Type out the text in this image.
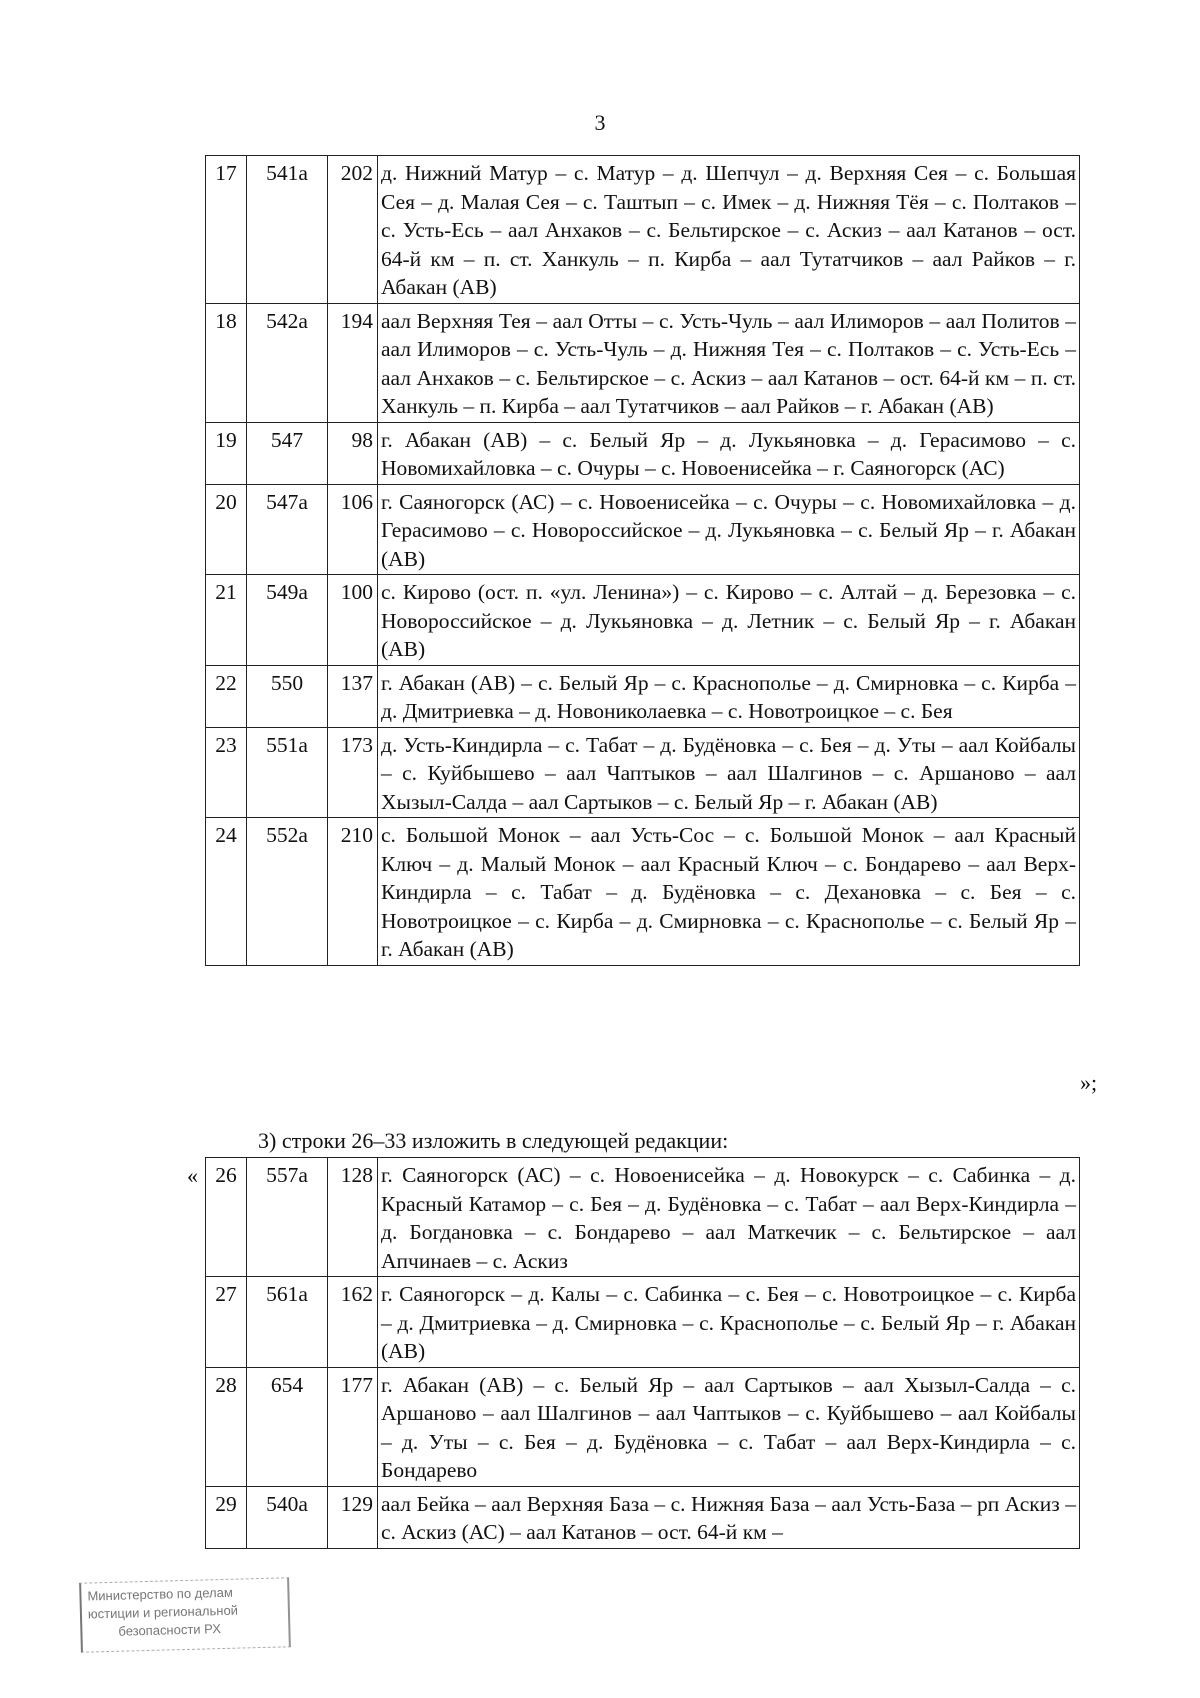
3
17	541а	202	д. Нижний Матур – с. Матур – д. Шепчул – д. Верхняя Сея – с. Большая Сея – д. Малая Сея – с. Таштып – с. Имек – д. Нижняя Тёя – с. Полтаков – с. Усть-Есь – аал Анхаков – с. Бельтирское – с. Аскиз – аал Катанов – ост. 64-й км – п. ст. Ханкуль – п. Кирба – аал Тутатчиков – аал Райков – г. Абакан (АВ)
18	542а	194	аал Верхняя Тея – аал Отты – с. Усть-Чуль – аал Илиморов – аал Политов – аал Илиморов – с. Усть-Чуль – д. Нижняя Тея – с. Полтаков – с. Усть-Есь – аал Анхаков – с. Бельтирское – с. Аскиз – аал Катанов – ост. 64-й км – п. ст. Ханкуль – п. Кирба – аал Тутатчиков – аал Райков – г. Абакан (АВ)
19	547	98	г. Абакан (АВ) – с. Белый Яр – д. Лукьяновка – д. Герасимово – с. Новомихайловка – с. Очуры – с. Новоенисейка – г. Саяногорск (АС)
20	547а	106	г. Саяногорск (АС) – с. Новоенисейка – с. Очуры – с. Новомихайловка – д. Герасимово – с. Новороссийское – д. Лукьяновка – с. Белый Яр – г. Абакан (АВ)
21	549а	100	с. Кирово (ост. п. «ул. Ленина») – с. Кирово – с. Алтай – д. Березовка – с. Новороссийское – д. Лукьяновка – д. Летник – с. Белый Яр – г. Абакан (АВ)
22	550	137	г. Абакан (АВ) – с. Белый Яр – с. Краснополье – д. Смирновка – с. Кирба – д. Дмитриевка – д. Новониколаевка – с. Новотроицкое – с. Бея
23	551а	173	д. Усть-Киндирла – с. Табат – д. Будёновка – с. Бея – д. Уты – аал Койбалы – с. Куйбышево – аал Чаптыков – аал Шалгинов – с. Аршаново – аал Хызыл-Салда – аал Сартыков – с. Белый Яр – г. Абакан (АВ)
24	552а	210	с. Большой Монок – аал Усть-Сос – с. Большой Монок – аал Красный Ключ – д. Малый Монок – аал Красный Ключ – с. Бондарево – аал Верх-Киндирла – с. Табат – д. Будёновка – с. Дехановка – с. Бея – с. Новотроицкое – с. Кирба – д. Смирновка – с. Краснополье – с. Белый Яр – г. Абакан (АВ)
»;
3) строки 26–33 изложить в следующей редакции:
« 26	557а	128	г. Саяногорск (АС) – с. Новоенисейка – д. Новокурск – с. Сабинка – д. Красный Катамор – с. Бея – д. Будёновка – с. Табат – аал Верх-Киндирла – д. Богдановка – с. Бондарево – аал Маткечик – с. Бельтирское – аал Апчинаев – с. Аскиз
27	561а	162	г. Саяногорск – д. Калы – с. Сабинка – с. Бея – с. Новотроицкое – с. Кирба – д. Дмитриевка – д. Смирновка – с. Краснополье – с. Белый Яр – г. Абакан (АВ)
28	654	177	г. Абакан (АВ) – с. Белый Яр – аал Сартыков – аал Хызыл-Салда – с. Аршаново – аал Шалгинов – аал Чаптыков – с. Куйбышево – аал Койбалы – д. Уты – с. Бея – д. Будёновка – с. Табат – аал Верх-Киндирла – с. Бондарево
29	540а	129	аал Бейка – аал Верхняя База – с. Нижняя База – аал Усть-База – рп Аскиз – с. Аскиз (АС) – аал Катанов – ост. 64-й км –
Министерство по делам
юстиции и региональной
безопасности РХ
